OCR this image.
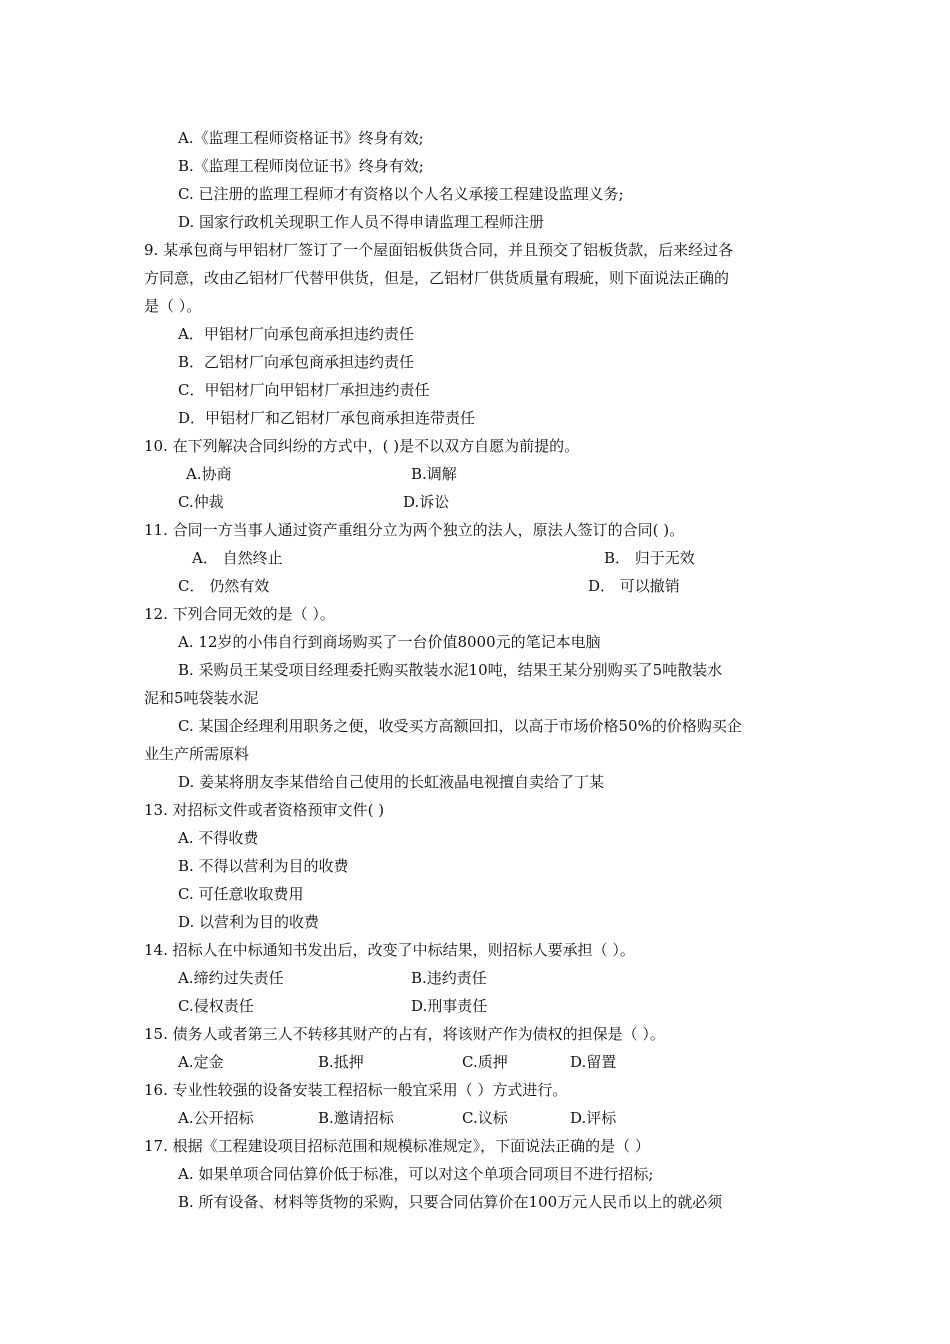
A.《监理工程师资格证书》终身有效;
B.《监理工程师岗位证书》终身有效;
C. 已注册的监理工程师才有资格以个人名义承接工程建设监理义务;
D. 国家行政机关现职工作人员不得申请监理工程师注册
9. 某承包商与甲铝材厂签订了一个屋面铝板供货合同，并且预交了铝板货款，后来经过各
方同意，改由乙铝材厂代替甲供货，但是，乙铝材厂供货质量有瑕疵，则下面说法正确的
是（ ）。
A．甲铝材厂向承包商承担违约责任
B．乙铝材厂向承包商承担违约责任
C．甲铝材厂向甲铝材厂承担违约责任
D．甲铝材厂和乙铝材厂承包商承担连带责任
10. 在下列解决合同纠纷的方式中，( )是不以双方自愿为前提的。
A.协商	B.调解
C.仲裁	D.诉讼
11. 合同一方当事人通过资产重组分立为两个独立的法人，原法人签订的合同( )。
A． 自然终止	B． 归于无效
C． 仍然有效	D． 可以撤销
12. 下列合同无效的是（ ）。
A. 12岁的小伟自行到商场购买了一台价值8000元的笔记本电脑
B. 采购员王某受项目经理委托购买散装水泥10吨，结果王某分别购买了5吨散装水
泥和5吨袋装水泥
C. 某国企经理利用职务之便，收受买方高额回扣，以高于市场价格50%的价格购买企
业生产所需原料
D. 姜某将朋友李某借给自己使用的长虹液晶电视擅自卖给了丁某
13. 对招标文件或者资格预审文件( )
A. 不得收费
B. 不得以营利为目的收费
C. 可任意收取费用
D. 以营利为目的收费
14. 招标人在中标通知书发出后，改变了中标结果，则招标人要承担（ ）。
A.缔约过失责任	B.违约责任
C.侵权责任	D.刑事责任
15. 债务人或者第三人不转移其财产的占有，将该财产作为债权的担保是（ ）。
A.定金	B.抵押	C.质押	D.留置
16. 专业性较强的设备安装工程招标一般宜采用（ ）方式进行。
A.公开招标	B.邀请招标	C.议标	D.评标
17. 根据《工程建设项目招标范围和规模标准规定》，下面说法正确的是（ ）
A. 如果单项合同估算价低于标准，可以对这个单项合同项目不进行招标;
B. 所有设备、材料等货物的采购，只要合同估算价在100万元人民币以上的就必须
